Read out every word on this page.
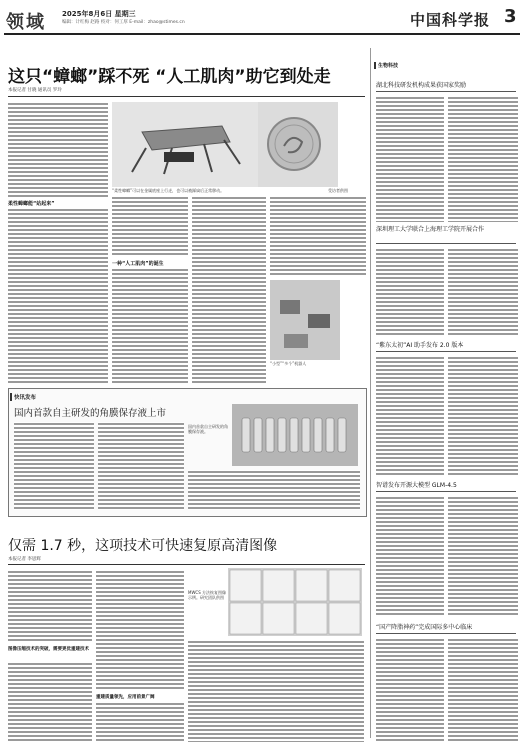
领域 2025年8月6日 星期三
编辑：计红梅 赵路 校对：何工厚 E-mail：zhao@stimes.cn	中国科学报 3
这只“蟑螂”踩不死 “人工肌肉”助它到处走
本报记者 甘晓 通讯员 罗玲
“柔性蟑螂”可以在金属底座上行走，也可以被踩扁后正常移动。	受访者供图
柔性蟑螂能“站起来”
一种“人工肌肉”的诞生
“小型”“多个”机器人
快讯发布
国内首款自主研发的角膜保存液上市
国内首款自主研发的角膜保存液。
仅需 1.7 秒，这项技术可快速复原高清图像
本报记者 李思辉
图像压缩技术的突破，需要更优重建技术
重建质量领先，应用前景广阔
MWCS 方法恢复图像示例。研究团队供图
生物科技
湖北科技研发机构成果获国家奖励
深圳理工大学联合上海理工学院开展合作
“紫东太初”AI 助手发布 2.0 版本
智谱发布开源大模型 GLM-4.5
“国产降脂神药”完成国际多中心临床
